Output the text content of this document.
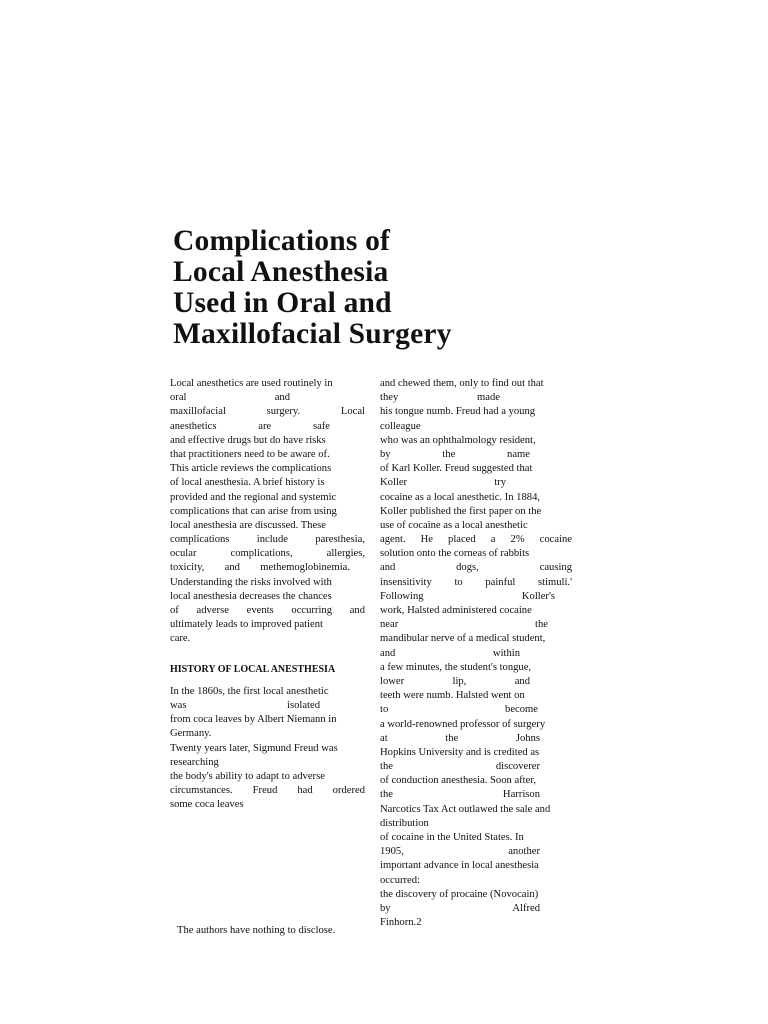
Complications of
Local Anesthesia
Used in Oral and
Maxillofacial Surgery
Local anesthetics are used routinely in
oral and
maxillofacial surgery. Local
anesthetics are safe
and effective drugs but do have risks
that practitioners need to be aware of.
This article reviews the complications
of local anesthesia. A brief history is
provided and the regional and systemic
complications that can arise from using
local anesthesia are discussed. These
complications include paresthesia,
ocular complications, allergies,
toxicity, and methemoglobinemia.
Understanding the risks involved with
local anesthesia decreases the chances
of adverse events occurring and
ultimately leads to improved patient
care.
HISTORY OF LOCAL ANESTHESIA
In the 1860s, the first local anesthetic
was isolated
from coca leaves by Albert Niemann in
Germany.
Twenty years later, Sigmund Freud was
researching
the body's ability to adapt to adverse
circumstances. Freud had ordered
some coca leaves
and chewed them, only to find out that
they made
his tongue numb. Freud had a young
colleague
who was an ophthalmology resident,
by the name
of Karl Koller. Freud suggested that
Koller try
cocaine as a local anesthetic. In 1884,
Koller published the first paper on the
use of cocaine as a local anesthetic
agent. He placed a 2% cocaine
solution onto the corneas of rabbits
and dogs, causing
insensitivity to painful stimuli.'
Following Koller's
work, Halsted administered cocaine
near the
mandibular nerve of a medical student,
and within
a few minutes, the student's tongue,
lower lip, and
teeth were numb. Halsted went on
to become
a world-renowned professor of surgery
at the Johns
Hopkins University and is credited as
the discoverer
of conduction anesthesia. Soon after,
the Harrison
Narcotics Tax Act outlawed the sale and
distribution
of cocaine in the United States. In
1905, another
important advance in local anesthesia
occurred:
the discovery of procaine (Novocain)
by Alfred
Finhorn.2
The authors have nothing to disclose.
